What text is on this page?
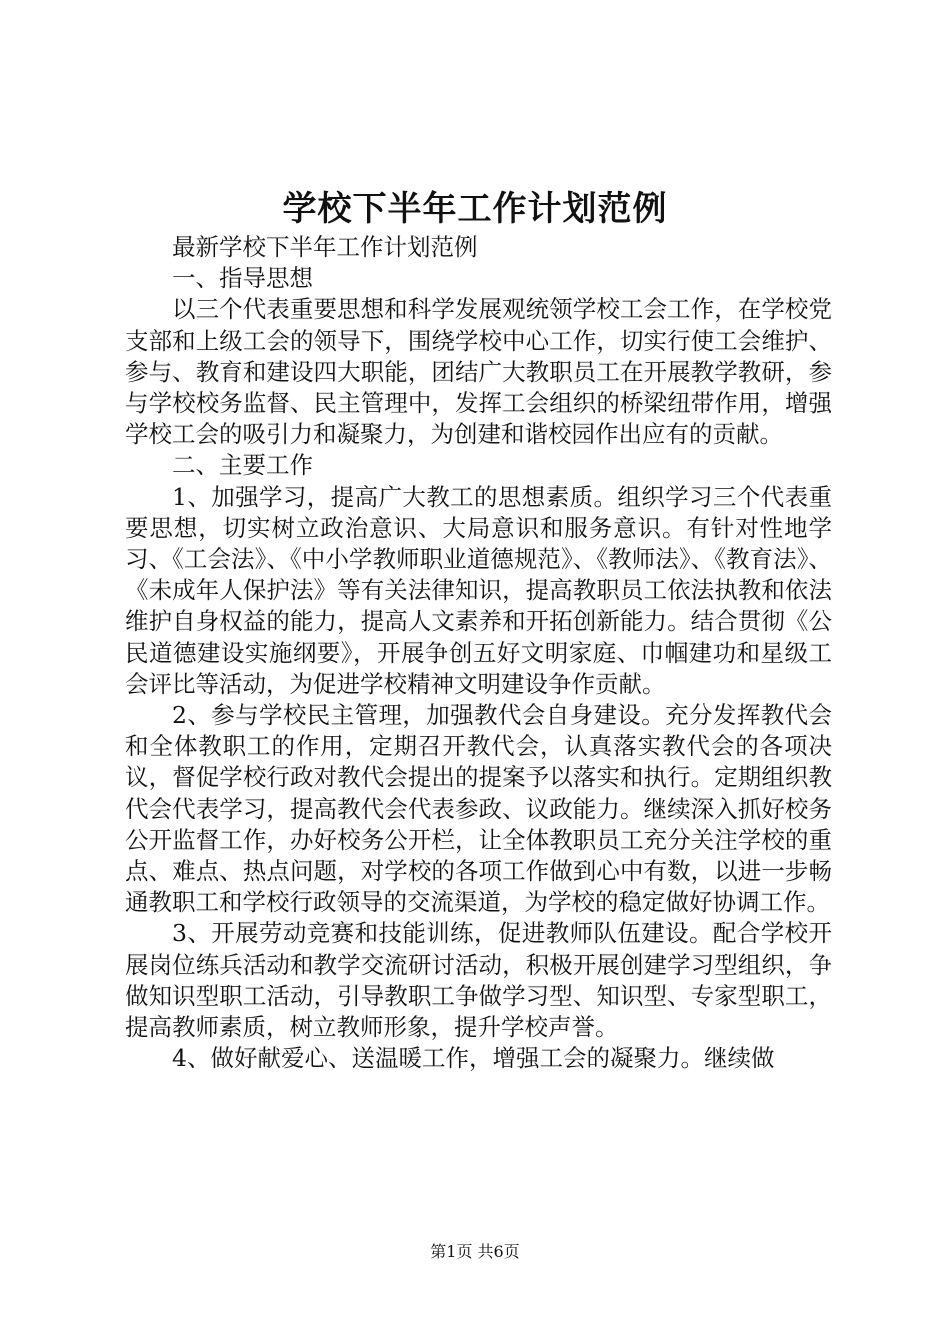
学校下半年工作计划范例

最新学校下半年工作计划范例

一、指导思想

以三个代表重要思想和科学发展观统领学校工会工作，在学校党支部和上级工会的领导下，围绕学校中心工作，切实行使工会维护、参与、教育和建设四大职能，团结广大教职员工在开展教学教研，参与学校校务监督、民主管理中，发挥工会组织的桥梁纽带作用，增强学校工会的吸引力和凝聚力，为创建和谐校园作出应有的贡献。

二、主要工作

1、加强学习，提高广大教工的思想素质。组织学习三个代表重要思想，切实树立政治意识、大局意识和服务意识。有针对性地学习、《工会法》、《中小学教师职业道德规范》、《教师法》、《教育法》、《未成年人保护法》等有关法律知识，提高教职员工依法执教和依法维护自身权益的能力，提高人文素养和开拓创新能力。结合贯彻《公民道德建设实施纲要》，开展争创五好文明家庭、巾帼建功和星级工会评比等活动，为促进学校精神文明建设争作贡献。

2、参与学校民主管理，加强教代会自身建设。充分发挥教代会和全体教职工的作用，定期召开教代会，认真落实教代会的各项决议，督促学校行政对教代会提出的提案予以落实和执行。定期组织教代会代表学习，提高教代会代表参政、议政能力。继续深入抓好校务公开监督工作，办好校务公开栏，让全体教职员工充分关注学校的重点、难点、热点问题，对学校的各项工作做到心中有数，以进一步畅通教职工和学校行政领导的交流渠道，为学校的稳定做好协调工作。

3、开展劳动竞赛和技能训练，促进教师队伍建设。配合学校开展岗位练兵活动和教学交流研讨活动，积极开展创建学习型组织，争做知识型职工活动，引导教职工争做学习型、知识型、专家型职工，提高教师素质，树立教师形象，提升学校声誉。

4、做好献爱心、送温暖工作，增强工会的凝聚力。继续做

第1页 共6页
